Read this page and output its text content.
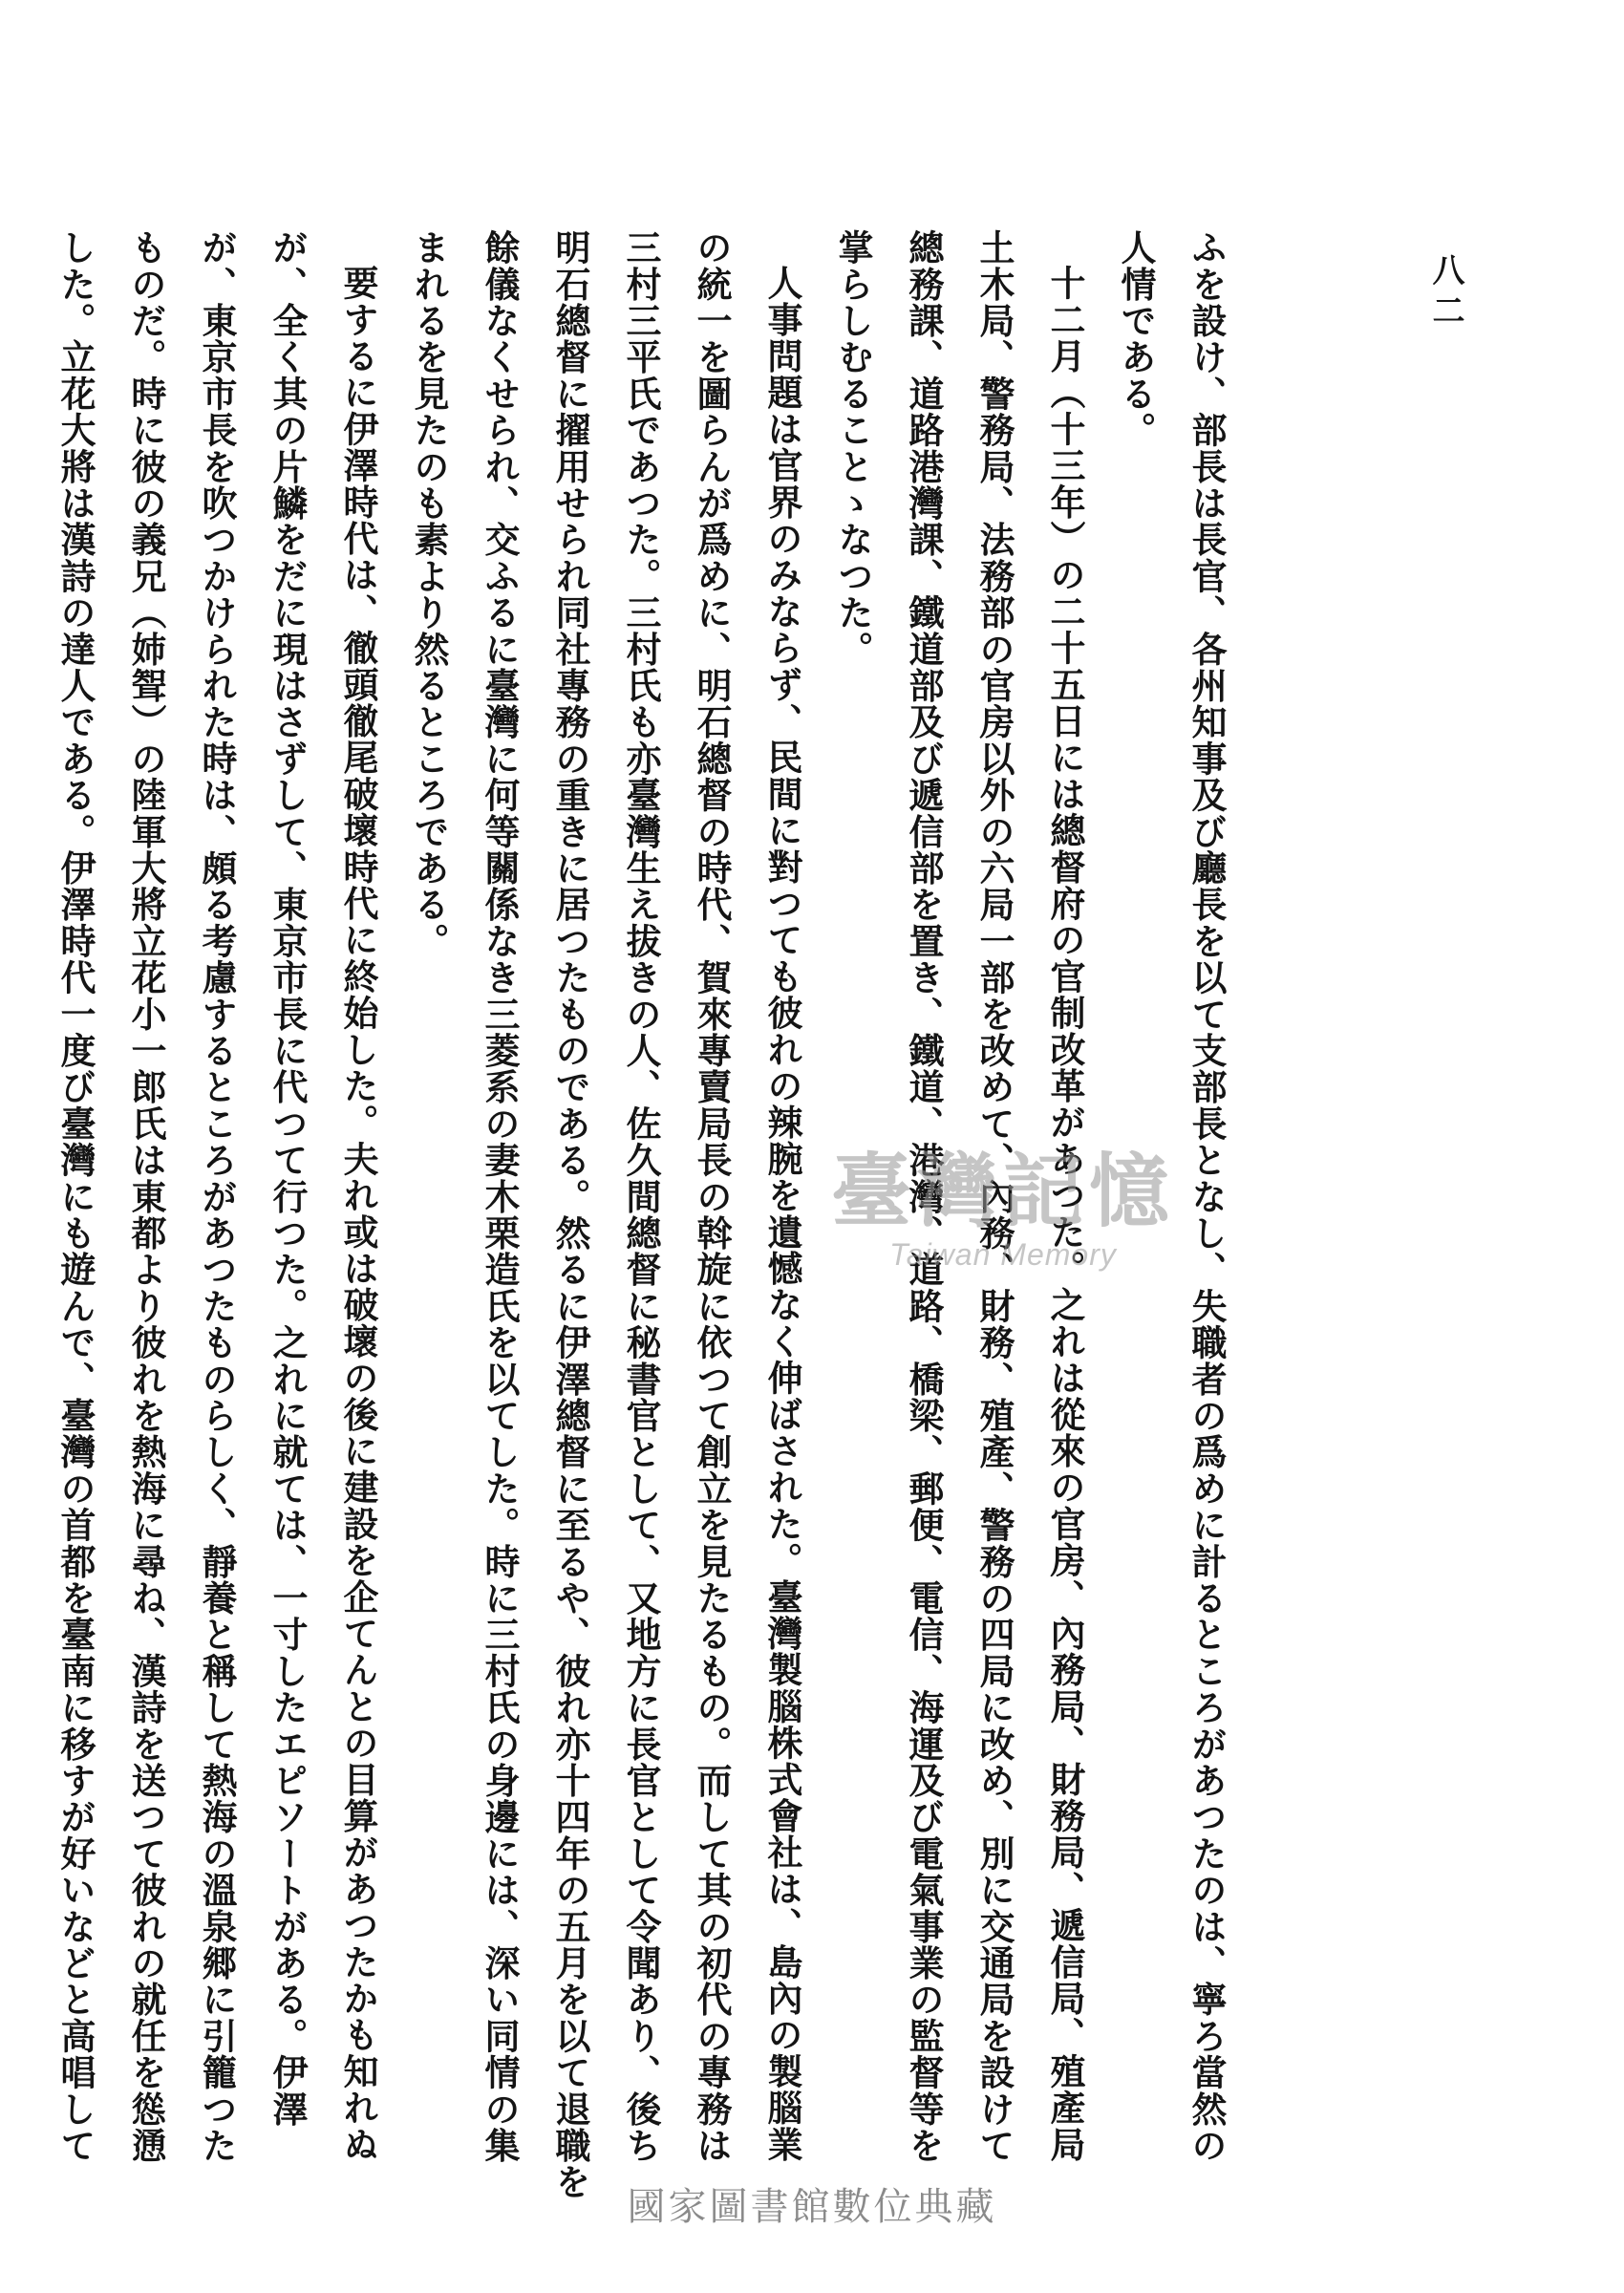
八二

ふを設け、部長は長官、各州知事及び廳長を以て支部長となし、失職者の爲めに計るところがあつたのは、寧ろ當然の

人情である。

十二月（十三年）の二十五日には總督府の官制改革があつた。之れは從來の官房、內務局、財務局、遞信局、殖產局

土木局、警務局、法務部の官房以外の六局一部を改めて、內務、財務、殖產、警務の四局に改め、別に交通局を設けて

總務課、道路港灣課、鐵道部及び遞信部を置き、鐵道、港灣、道路、橋梁、郵便、電信、海運及び電氣事業の監督等を

掌らしむることゝなつた。

人事問題は官界のみならず、民間に對つても彼れの辣腕を遺憾なく伸ばされた。臺灣製腦株式會社は、島內の製腦業

の統一を圖らんが爲めに、明石總督の時代、賀來專賣局長の斡旋に依つて創立を見たるもの。而して其の初代の專務は

三村三平氏であつた。三村氏も亦臺灣生え拔きの人、佐久間總督に秘書官として、又地方に長官として令聞あり、後ち

明石總督に擢用せられ同社專務の重きに居つたものである。然るに伊澤總督に至るや、彼れ亦十四年の五月を以て退職を

餘儀なくせられ、交ふるに臺灣に何等關係なき三菱系の妻木栗造氏を以てした。時に三村氏の身邊には、深い同情の集

まれるを見たのも素より然るところである。

要するに伊澤時代は、徹頭徹尾破壞時代に終始した。夫れ或は破壞の後に建設を企てんとの目算があつたかも知れぬ

が、全く其の片鱗をだに現はさずして、東京市長に代つて行つた。之れに就ては、一寸したエピソートがある。伊澤

が、東京市長を吹つかけられた時は、頗る考慮するところがあつたものらしく、靜養と稱して熱海の溫泉郷に引籠つた

ものだ。時に彼の義兄（姉聟）の陸軍大將立花小一郎氏は東都より彼れを熱海に尋ね、漢詩を送つて彼れの就任を慫慂

した。立花大將は漢詩の達人である。伊澤時代一度び臺灣にも遊んで、臺灣の首都を臺南に移すが好いなどと高唱して	臺灣記憶
Taiwan Memory
國家圖書館數位典藏
